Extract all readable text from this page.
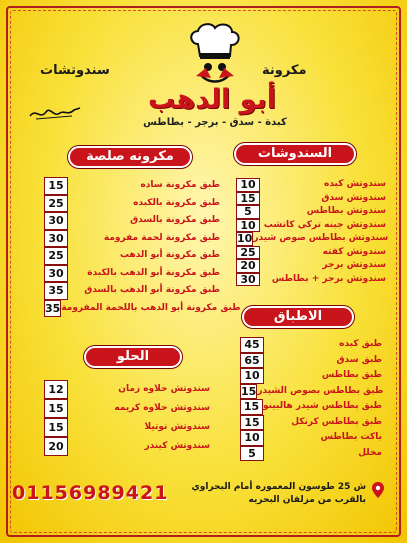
سندوتشات	مكرونة
أبو الدهب
كبدة - سدق - برجر - بطاطس
مكرونه صلصة
15	طبق مكرونة ساده
25	طبق مكرونة بالكبده
30	طبق مكرونة بالسدق
30	طبق مكرونة لحمة مفرومة
25	طبق مكرونة أبو الدهب
30	طبق مكرونة أبو الدهب بالكبدة
35	طبق مكرونة أبو الدهب بالسدق
35 طبق مكرونة أبو الدهب باللحمة المفرومة
الحلو
12	سندوتش حلاوه زمان
15	سندوتش حلاوه كريمه
15	سندوتش نوتيلا
20	سندوتش كيندر
السندوشات
10	سندوتش كبده
15	سندوتش سدق
5	سندوتش بطاطس
10 سندوتش جبنه تركي كاتشب
10 سندوتش بطاطس صوص شيدر
25	سندوتش كفته
20	سندوتش برجر
30	سندوتش برجر + بطاطس
الاطباق
45	طبق كبده
65	طبق سدق
10	طبق بطاطس
15 طبق بطاطس بصوص الشيدر
15 طبق بطاطس شيدر هالبينو
15	طبق بطاطس كرنكل
10	باكت بطاطس
5	مخلل
01156989421	ش 25 طوسون المعموره أمام البحراوي
بالقرب من مزلقان البحريه
